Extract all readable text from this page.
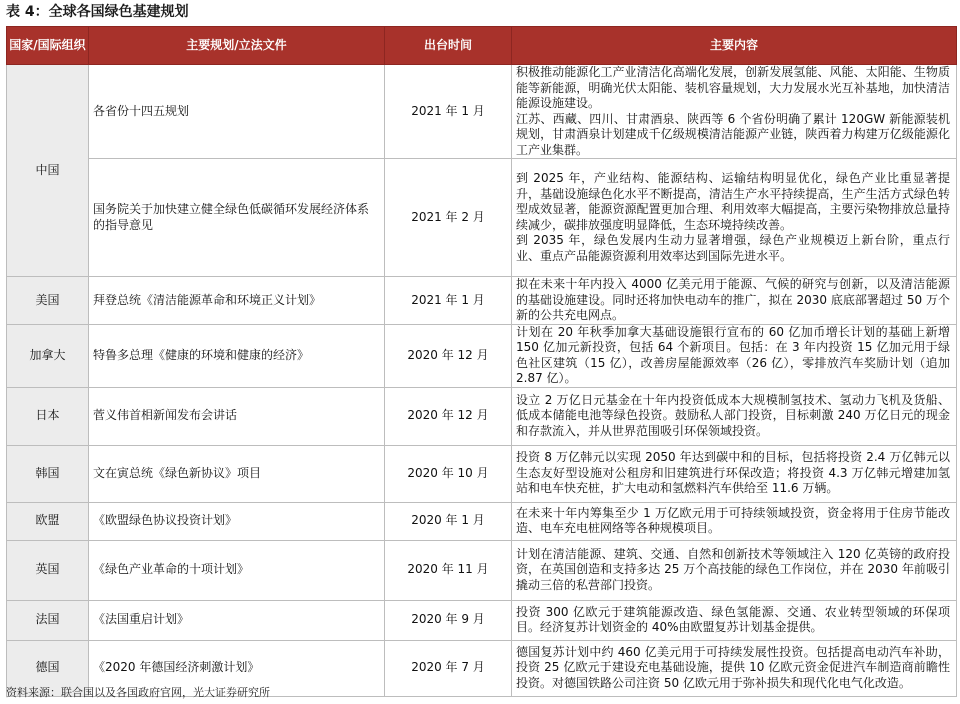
表 4：全球各国绿色基建规划
国家/国际组织	主要规划/立法文件	出台时间	主要内容
中国	各省份十四五规划	2021 年 1 月	积极推动能源化工产业清洁化高端化发展，创新发展氢能、风能、太阳能、生物质能等新能源，明确光伏太阳能、装机容量规划，大力发展水光互补基地，加快清洁能源设施建设。
江苏、西藏、四川、甘肃酒泉、陕西等 6 个省份明确了累计 120GW 新能源装机规划，甘肃酒泉计划建成千亿级规模清洁能源产业链，陕西着力构建万亿级能源化工产业集群。

	国务院关于加快建立健全绿色低碳循环发展经济体系的指导意见	2021 年 2 月	到 2025 年，产业结构、能源结构、运输结构明显优化，绿色产业比重显著提升，基础设施绿色化水平不断提高，清洁生产水平持续提高，生产生活方式绿色转型成效显著，能源资源配置更加合理、利用效率大幅提高，主要污染物排放总量持续减少，碳排放强度明显降低，生态环境持续改善。
到 2035 年，绿色发展内生动力显著增强，绿色产业规模迈上新台阶，重点行业、重点产品能源资源利用效率达到国际先进水平。

美国	拜登总统《清洁能源革命和环境正义计划》	2021 年 1 月	拟在未来十年内投入 4000 亿美元用于能源、气候的研究与创新，以及清洁能源的基础设施建设。同时还将加快电动车的推广，拟在 2030 底底部署超过 50 万个新的公共充电网点。

加拿大	特鲁多总理《健康的环境和健康的经济》	2020 年 12 月	计划在 20 年秋季加拿大基础设施银行宣布的 60 亿加币增长计划的基础上新增 150 亿加元新投资，包括 64 个新项目。包括：在 3 年内投资 15 亿加元用于绿色社区建筑（15 亿），改善房屋能源效率（26 亿），零排放汽车奖励计划（追加 2.87 亿）。

日本	菅义伟首相新闻发布会讲话	2020 年 12 月	设立 2 万亿日元基金在十年内投资低成本大规模制氢技术、氢动力飞机及货船、低成本储能电池等绿色投资。鼓励私人部门投资，目标刺激 240 万亿日元的现金和存款流入，并从世界范围吸引环保领域投资。

韩国	文在寅总统《绿色新协议》项目	2020 年 10 月	投资 8 万亿韩元以实现 2050 年达到碳中和的目标，包括将投资 2.4 万亿韩元以生态友好型设施对公租房和旧建筑进行环保改造；将投资 4.3 万亿韩元增建加氢站和电车快充桩，扩大电动和氢燃料汽车供给至 11.6 万辆。

欧盟	《欧盟绿色协议投资计划》	2020 年 1 月	在未来十年内筹集至少 1 万亿欧元用于可持续领域投资，资金将用于住房节能改造、电车充电桩网络等各种规模项目。

英国	《绿色产业革命的十项计划》	2020 年 11 月	计划在清洁能源、建筑、交通、自然和创新技术等领域注入 120 亿英镑的政府投资，在英国创造和支持多达 25 万个高技能的绿色工作岗位，并在 2030 年前吸引撬动三倍的私营部门投资。

法国	《法国重启计划》	2020 年 9 月	投资 300 亿欧元于建筑能源改造、绿色氢能源、交通、农业转型领域的环保项目。经济复苏计划资金的 40%由欧盟复苏计划基金提供。

德国	《2020 年德国经济刺激计划》	2020 年 7 月	德国复苏计划中约 460 亿美元用于可持续发展性投资。包括提高电动汽车补助，投资 25 亿欧元于建设充电基础设施，提供 10 亿欧元资金促进汽车制造商前瞻性投资。对德国铁路公司注资 50 亿欧元用于弥补损失和现代化电气化改造。
资料来源：联合国以及各国政府官网，光大证券研究所
